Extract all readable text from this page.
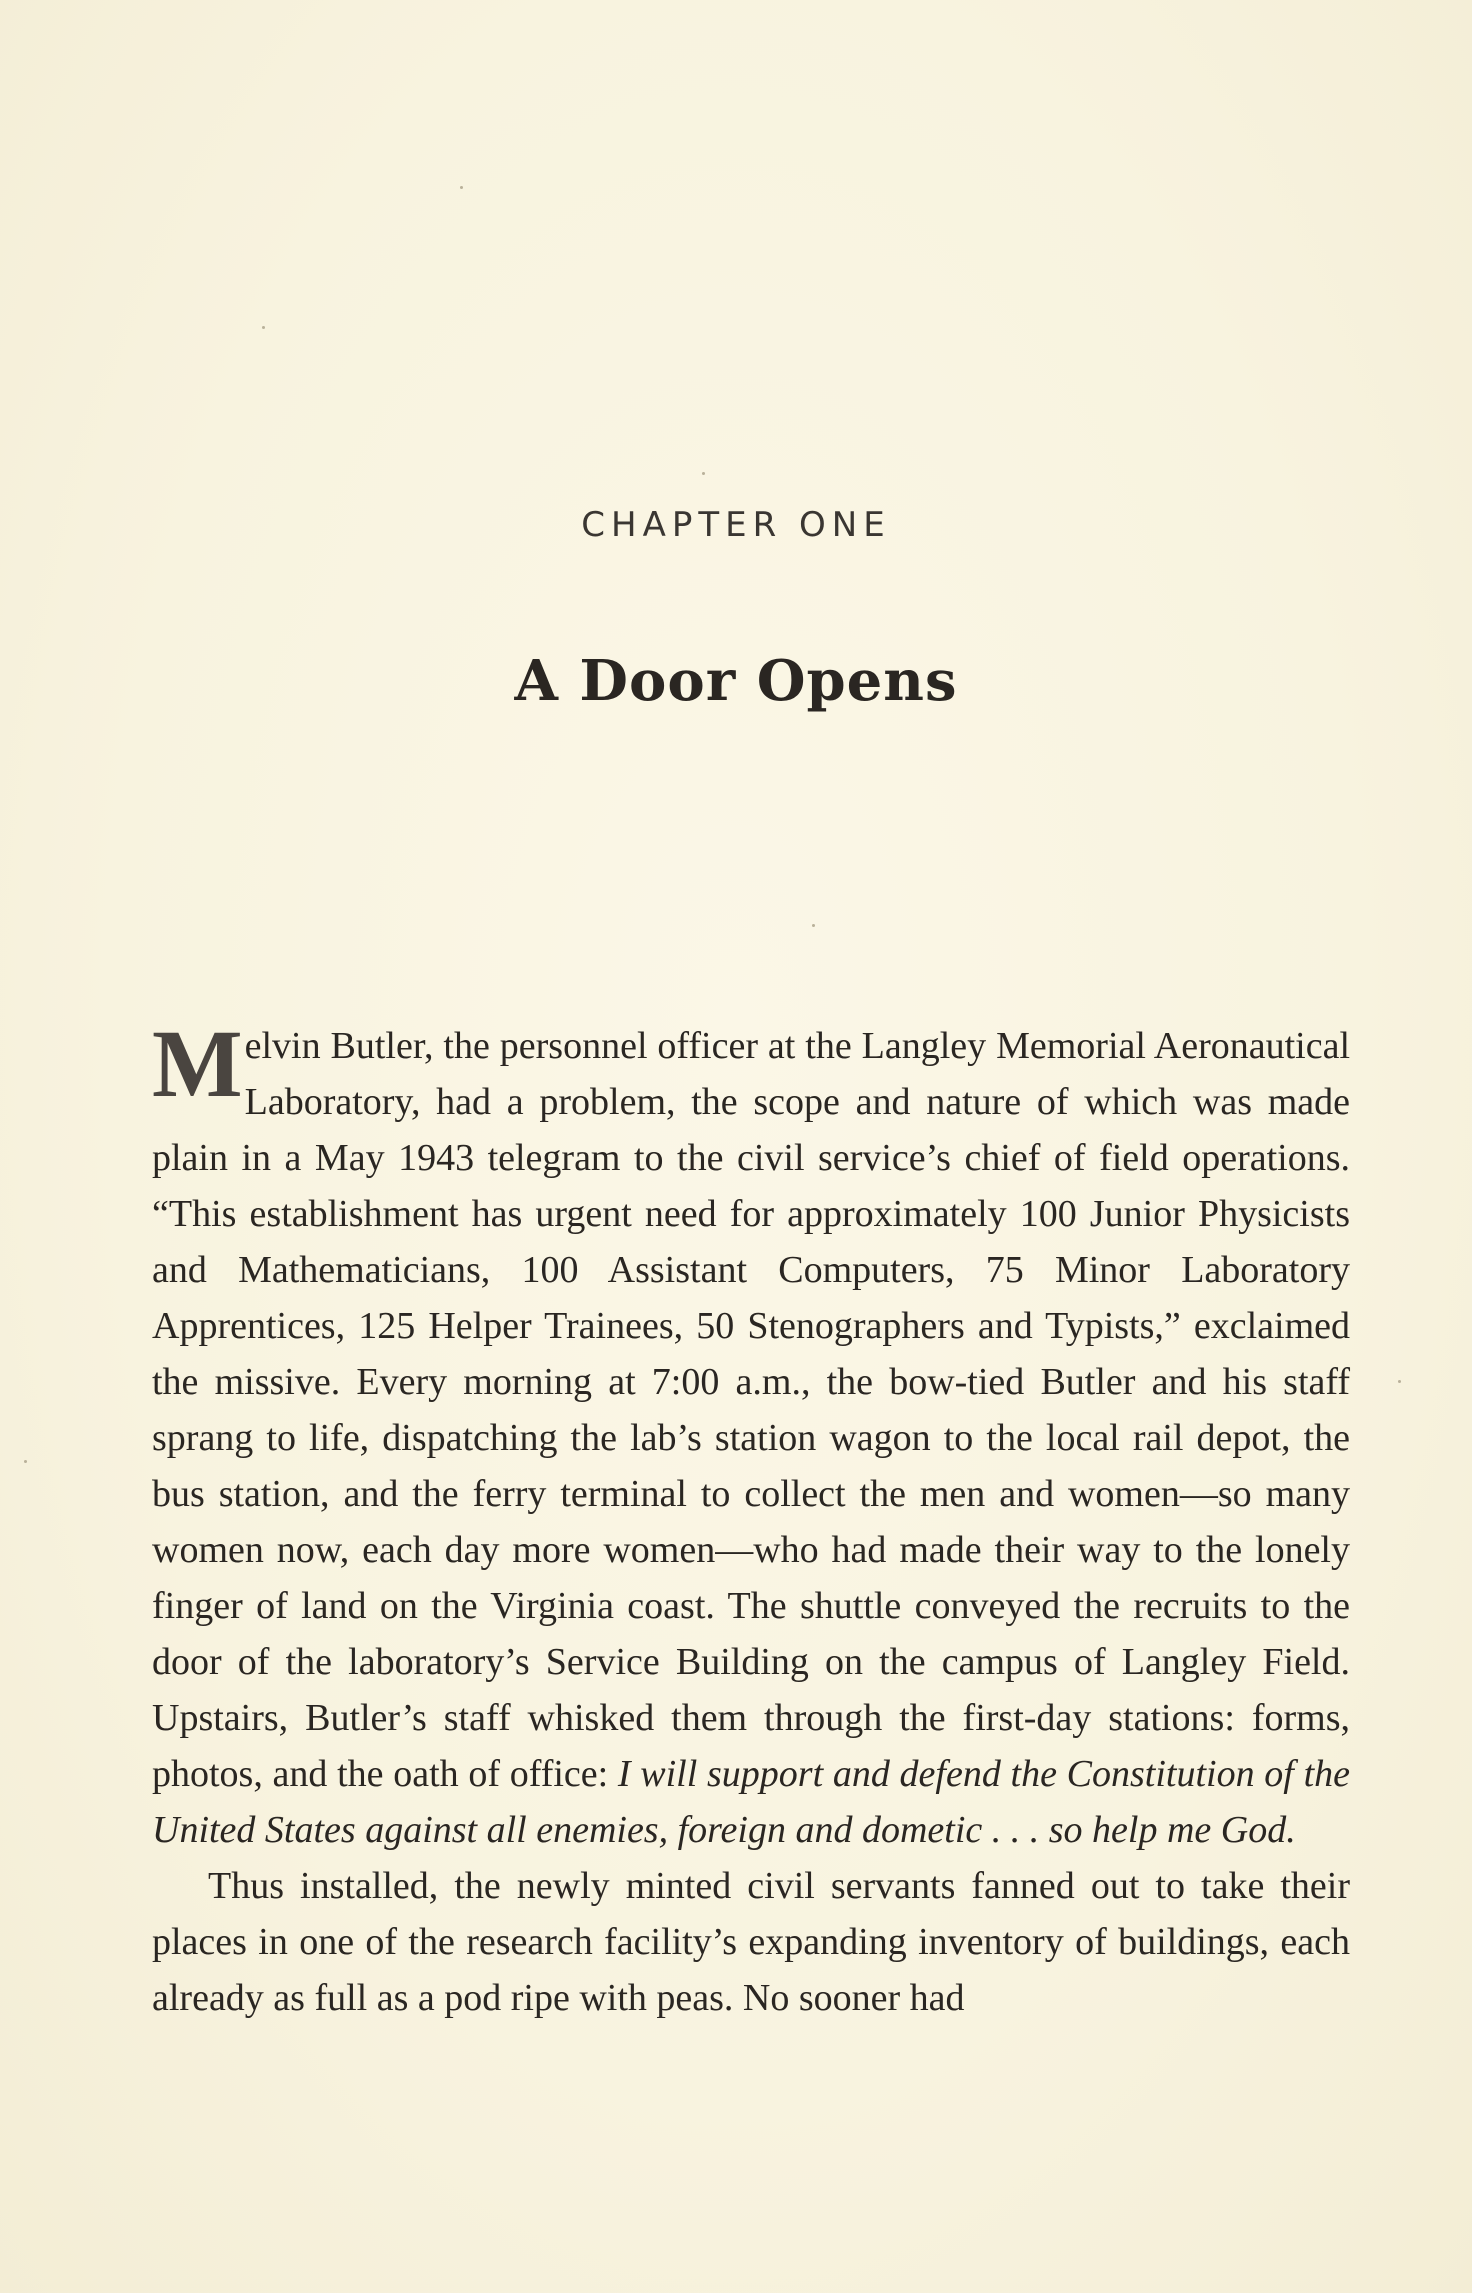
CHAPTER ONE
A Door Opens

Melvin Butler, the personnel officer at the Langley Memorial Aeronautical Laboratory, had a problem, the scope and nature of which was made plain in a May 1943 telegram to the civil service’s chief of field operations. “This establishment has urgent need for approximately 100 Junior Physicists and Mathematicians, 100 Assistant Computers, 75 Minor Laboratory Apprentices, 125 Helper Trainees, 50 Stenographers and Typists,” exclaimed the missive. Every morning at 7:00 a.m., the bow-tied Butler and his staff sprang to life, dispatching the lab’s station wagon to the local rail depot, the bus station, and the ferry terminal to collect the men and women—so many women now, each day more women—who had made their way to the lonely finger of land on the Virginia coast. The shuttle conveyed the recruits to the door of the laboratory’s Service Building on the campus of Langley Field. Upstairs, Butler’s staff whisked them through the first-day stations: forms, photos, and the oath of office: I will support and defend the Constitution of the United States against all enemies, foreign and dometic . . . so help me God.

Thus installed, the newly minted civil servants fanned out to take their places in one of the research facility’s expanding inventory of buildings, each already as full as a pod ripe with peas. No sooner had
